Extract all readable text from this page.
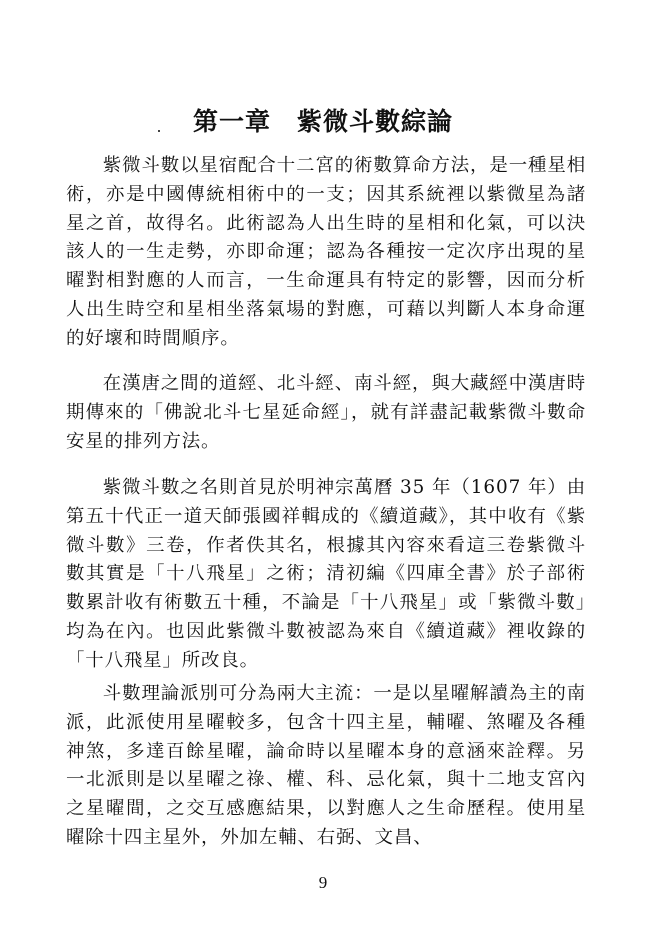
第一章　紫微斗數綜論

紫微斗數以星宿配合十二宮的術數算命方法，是一種星相術，亦是中國傳統相術中的一支；因其系統裡以紫微星為諸星之首，故得名。此術認為人出生時的星相和化氣，可以決該人的一生走勢，亦即命運；認為各種按一定次序出現的星曜對相對應的人而言，一生命運具有特定的影響，因而分析人出生時空和星相坐落氣場的對應，可藉以判斷人本身命運的好壞和時間順序。

在漢唐之間的道經、北斗經、南斗經，與大藏經中漢唐時期傳來的「佛說北斗七星延命經」，就有詳盡記載紫微斗數命安星的排列方法。

紫微斗數之名則首見於明神宗萬曆 35 年（1607 年）由第五十代正一道天師張國祥輯成的《續道藏》，其中收有《紫微斗數》三卷，作者佚其名，根據其內容來看這三卷紫微斗數其實是「十八飛星」之術；清初編《四庫全書》於子部術數累計收有術數五十種，不論是「十八飛星」或「紫微斗數」均為在內。也因此紫微斗數被認為來自《續道藏》裡收錄的「十八飛星」所改良。

斗數理論派別可分為兩大主流：一是以星曜解讀為主的南派，此派使用星曜較多，包含十四主星，輔曜、煞曜及各種神煞，多達百餘星曜，論命時以星曜本身的意涵來詮釋。另一北派則是以星曜之祿、權、科、忌化氣，與十二地支宮內之星曜間，之交互感應結果，以對應人之生命歷程。使用星曜除十四主星外，外加左輔、右弼、文昌、

9
